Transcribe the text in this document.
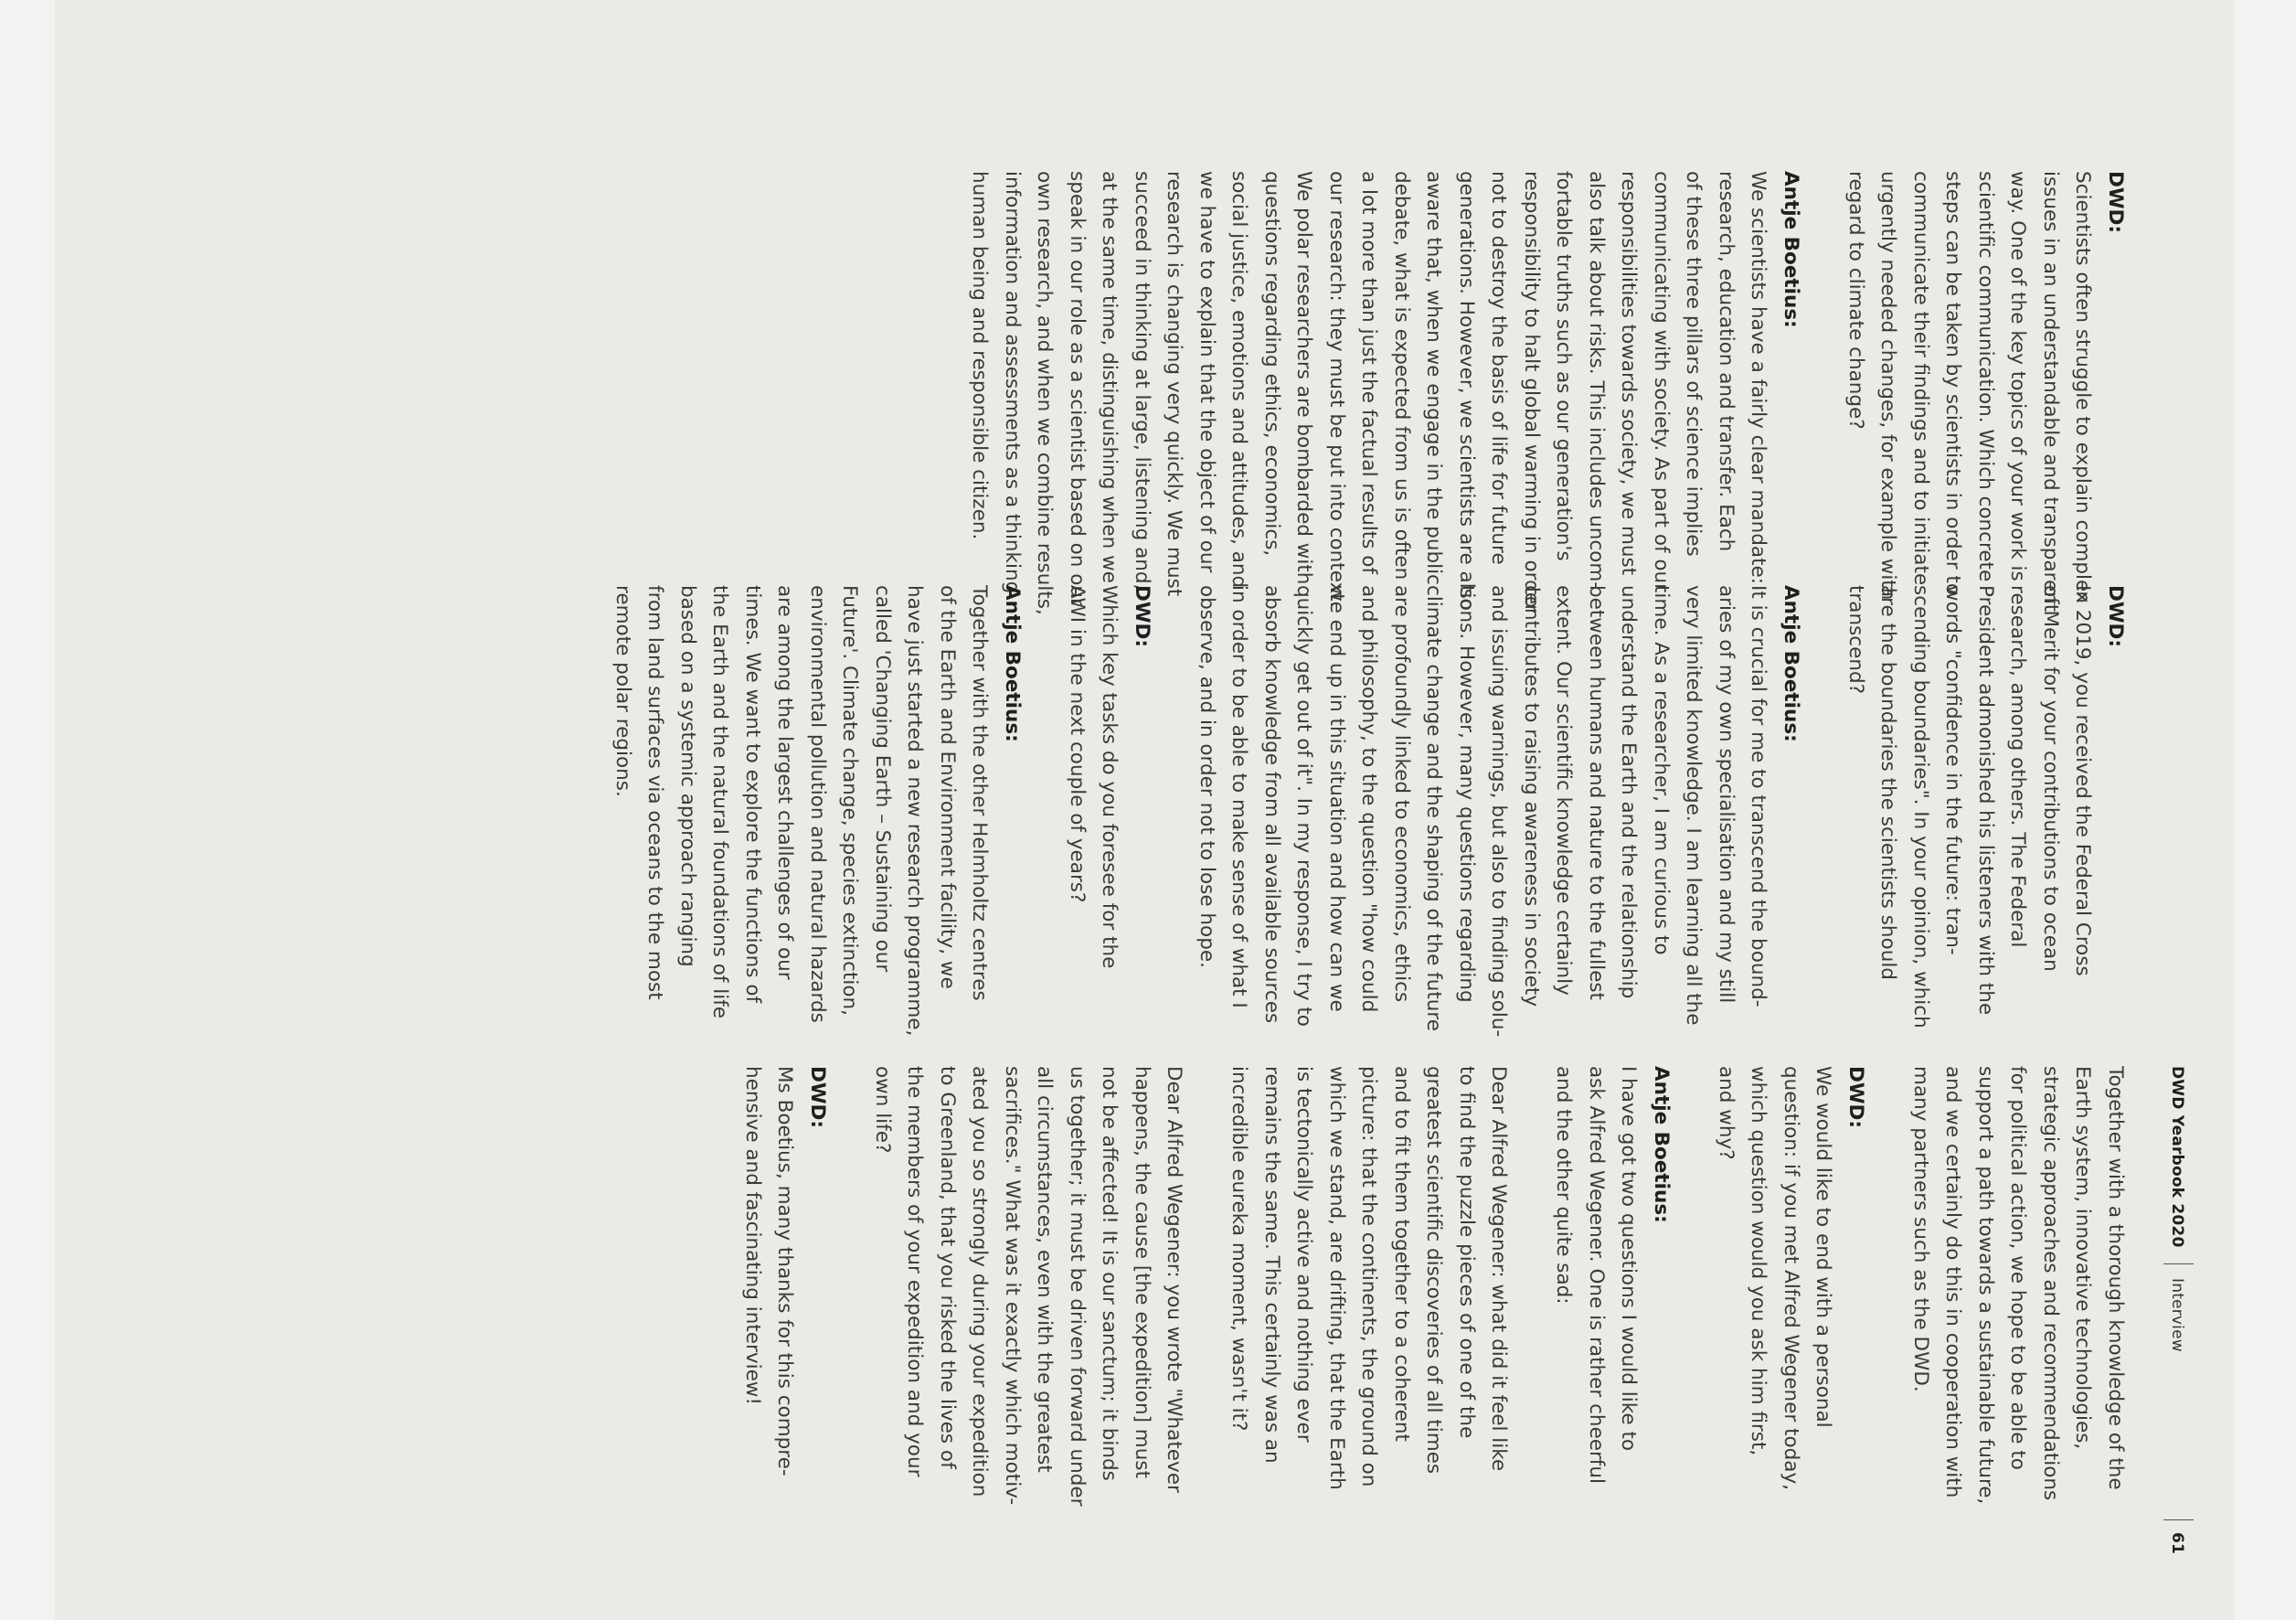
DWD Yearbook 2020
Interview
61

DWD:

Scientists often struggle to explain complex
issues in an understandable and transparent
way. One of the key topics of your work is
scientific communication. Which concrete
steps can be taken by scientists in order to
communicate their findings and to initiate
urgently needed changes, for example with
regard to climate change?

Antje Boetius:

We scientists have a fairly clear mandate:
research, education and transfer. Each
of these three pillars of science implies
communicating with society. As part of our
responsibilities towards society, we must
also talk about risks. This includes uncom-
fortable truths such as our generation's
responsibility to halt global warming in order
not to destroy the basis of life for future
generations. However, we scientists are also
aware that, when we engage in the public
debate, what is expected from us is often
a lot more than just the factual results of
our research: they must be put into context.
We polar researchers are bombarded with
questions regarding ethics, economics,
social justice, emotions and attitudes, and
we have to explain that the object of our
research is changing very quickly. We must
succeed in thinking at large, listening and,
at the same time, distinguishing when we
speak in our role as a scientist based on our
own research, and when we combine results,
information and assessments as a thinking
human being and responsible citizen.

DWD:

In 2019, you received the Federal Cross
of Merit for your contributions to ocean
research, among others. The Federal
President admonished his listeners with the
words "confidence in the future: tran-
scending boundaries". In your opinion, which
are the boundaries the scientists should
transcend?

Antje Boetius:

It is crucial for me to transcend the bound-
aries of my own specialisation and my still
very limited knowledge. I am learning all the
time. As a researcher, I am curious to
understand the Earth and the relationship
between humans and nature to the fullest
extent. Our scientific knowledge certainly
contributes to raising awareness in society
and issuing warnings, but also to finding solu-
tions. However, many questions regarding
climate change and the shaping of the future
are profoundly linked to economics, ethics
and philosophy, to the question "how could
we end up in this situation and how can we
quickly get out of it". In my response, I try to
absorb knowledge from all available sources
in order to be able to make sense of what I
observe, and in order not to lose hope.

DWD:

Which key tasks do you foresee for the
AWI in the next couple of years?

Antje Boetius:

Together with the other Helmholtz centres
of the Earth and Environment facility, we
have just started a new research programme,
called 'Changing Earth – Sustaining our
Future'. Climate change, species extinction,
environmental pollution and natural hazards
are among the largest challenges of our
times. We want to explore the functions of
the Earth and the natural foundations of life
based on a systemic approach ranging
from land surfaces via oceans to the most
remote polar regions.

Together with a thorough knowledge of the
Earth system, innovative technologies,
strategic approaches and recommendations
for political action, we hope to be able to
support a path towards a sustainable future,
and we certainly do this in cooperation with
many partners such as the DWD.

DWD:

We would like to end with a personal
question: if you met Alfred Wegener today,
which question would you ask him first,
and why?

Antje Boetius:

I have got two questions I would like to
ask Alfred Wegener. One is rather cheerful
and the other quite sad:

Dear Alfred Wegener: what did it feel like
to find the puzzle pieces of one of the
greatest scientific discoveries of all times
and to fit them together to a coherent
picture: that the continents, the ground on
which we stand, are drifting, that the Earth
is tectonically active and nothing ever
remains the same. This certainly was an
incredible eureka moment, wasn't it?

Dear Alfred Wegener: you wrote "Whatever
happens, the cause [the expedition] must
not be affected! It is our sanctum; it binds
us together; it must be driven forward under
all circumstances, even with the greatest
sacrifices." What was it exactly which motiv-
ated you so strongly during your expedition
to Greenland, that you risked the lives of
the members of your expedition and your
own life?

DWD:

Ms Boetius, many thanks for this compre-
hensive and fascinating interview!
